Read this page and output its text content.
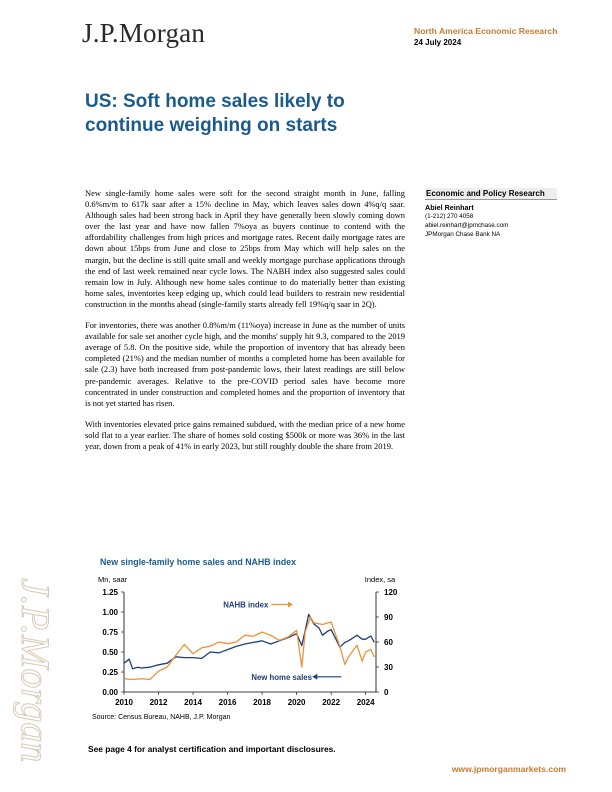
J.P.Morgan	North America Economic Research
24 July 2024
US: Soft home sales likely to continue weighing on starts

New single-family home sales were soft for the second straight month in June, falling 0.6%m/m to 617k saar after a 15% decline in May, which leaves sales down 4%q/q saar. Although sales had been strong back in April they have generally been slowly coming down over the last year and have now fallen 7%oya as buyers continue to contend with the affordability challenges from high prices and mortgage rates. Recent daily mortgage rates are down about 15bps from June and close to 25bps from May which will help sales on the margin, but the decline is still quite small and weekly mortgage purchase applications through the end of last week remained near cycle lows. The NABH index also suggested sales could remain low in July. Although new home sales continue to do materially better than existing home sales, inventories keep edging up, which could lead builders to restrain new residential construction in the months ahead (single-family starts already fell 19%q/q saar in 2Q).

For inventories, there was another 0.8%m/m (11%oya) increase in June as the number of units available for sale set another cycle high, and the months' supply hit 9.3, compared to the 2019 average of 5.8. On the positive side, while the proportion of inventory that has already been completed (21%) and the median number of months a completed home has been available for sale (2.3) have both increased from post-pandemic lows, their latest readings are still below pre-pandemic averages. Relative to the pre-COVID period sales have become more concentrated in under construction and completed homes and the proportion of inventory that is not yet started has risen.

With inventories elevated price gains remained subdued, with the median price of a new home sold flat to a year earlier. The share of homes sold costing $500k or more was 36% in the last year, down from a peak of 41% in early 2023, but still roughly double the share from 2019.

Economic and Policy Research
Abiel Reinhart
(1-212) 270 4058
abiel.reinhart@jpmchase.com
JPMorgan Chase Bank NA
J.P.Morgan
New single-family home sales and NAHB index
2010 2012 2014 2016 2018 2020 2022 2024
0.00
0.25
0.50
0.75
1.00
1.25
0
30
60
90
120
Mn, saar	Index, sa
NAHB index
New home sales
Source: Census Bureau, NAHB, J.P. Morgan
See page 4 for analyst certification and important disclosures.
www.jpmorganmarkets.com
